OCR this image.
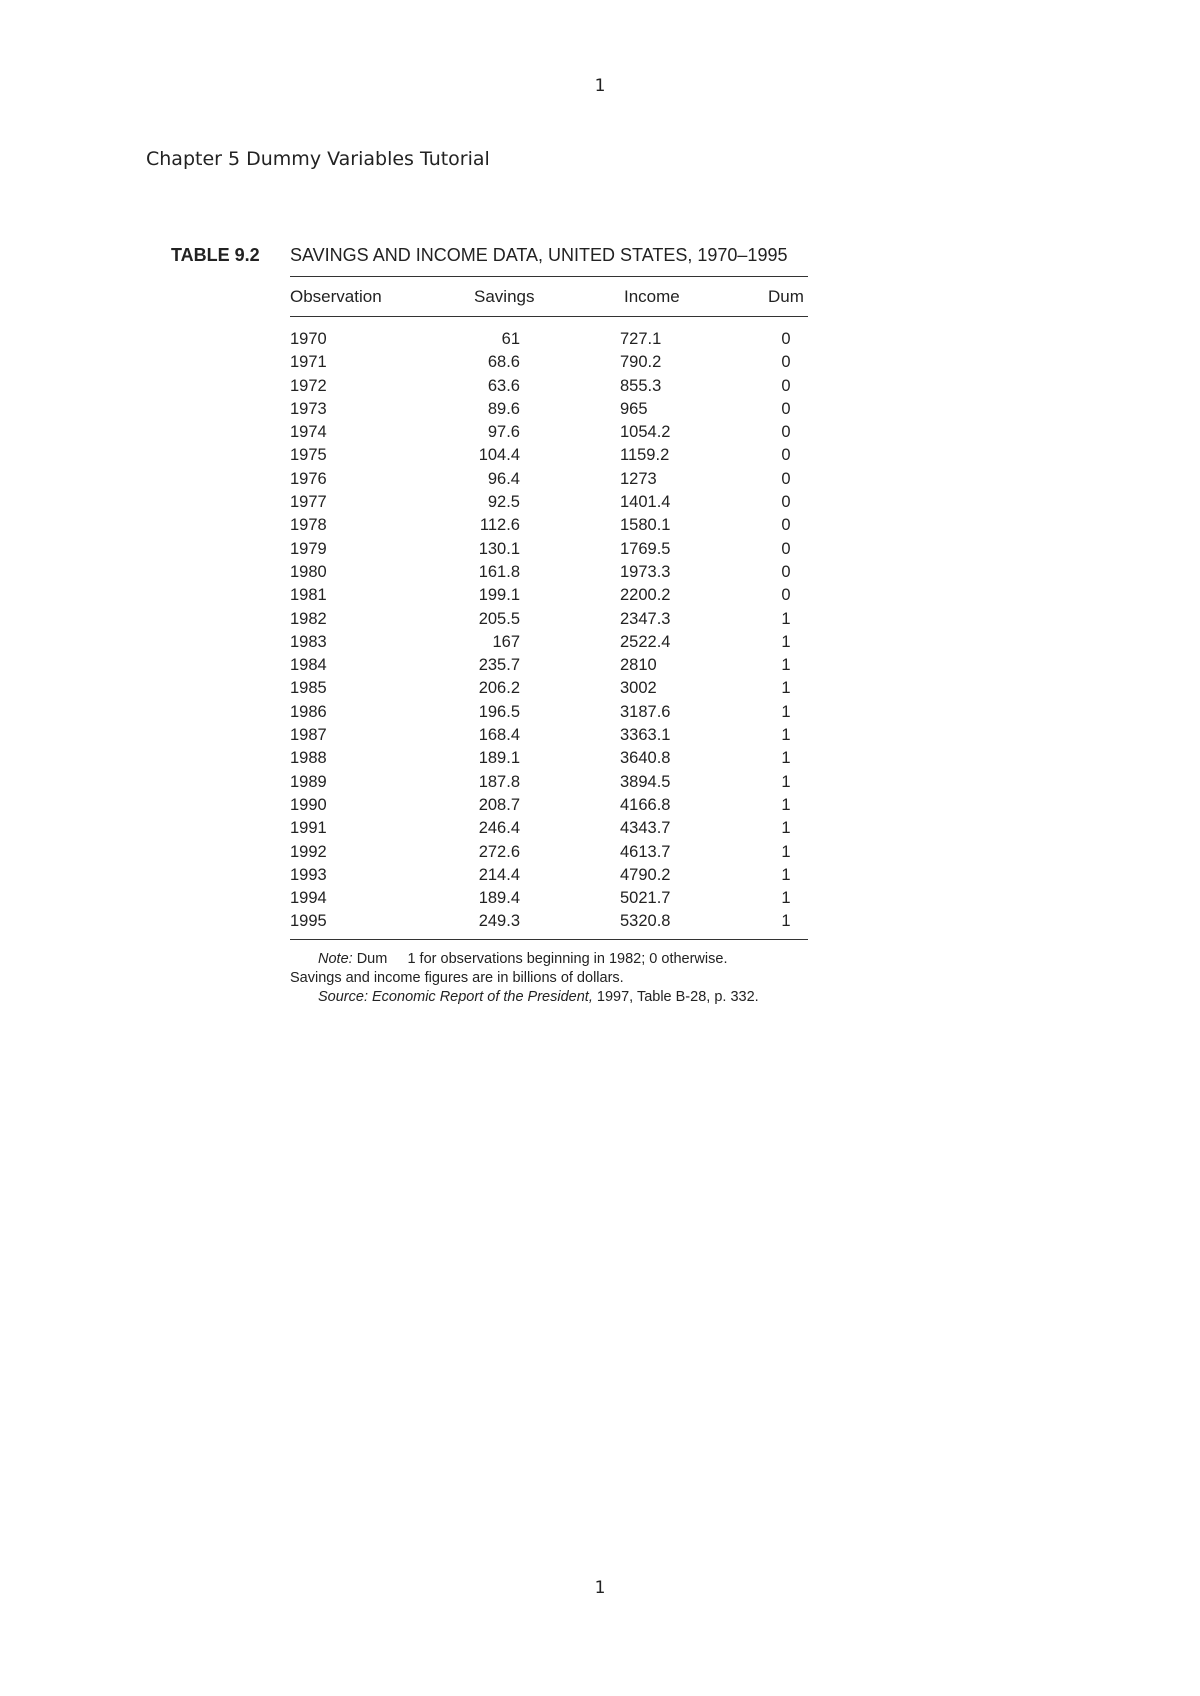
1
Chapter 5 Dummy Variables Tutorial
TABLE 9.2 SAVINGS AND INCOME DATA, UNITED STATES, 1970–1995
Observation	Savings	Income	Dum
1970	61	727.1	0
1971	68.6	790.2	0
1972	63.6	855.3	0
1973	89.6	965	0
1974	97.6	1054.2	0
1975	104.4	1159.2	0
1976	96.4	1273	0
1977	92.5	1401.4	0
1978	112.6	1580.1	0
1979	130.1	1769.5	0
1980	161.8	1973.3	0
1981	199.1	2200.2	0
1982	205.5	2347.3	1
1983	167	2522.4	1
1984	235.7	2810	1
1985	206.2	3002	1
1986	196.5	3187.6	1
1987	168.4	3363.1	1
1988	189.1	3640.8	1
1989	187.8	3894.5	1
1990	208.7	4166.8	1
1991	246.4	4343.7	1
1992	272.6	4613.7	1
1993	214.4	4790.2	1
1994	189.4	5021.7	1
1995	249.3	5320.8	1
Note: Dum     1 for observations beginning in 1982; 0 otherwise.
Savings and income figures are in billions of dollars.
Source: Economic Report of the President, 1997, Table B-28, p. 332.
1
